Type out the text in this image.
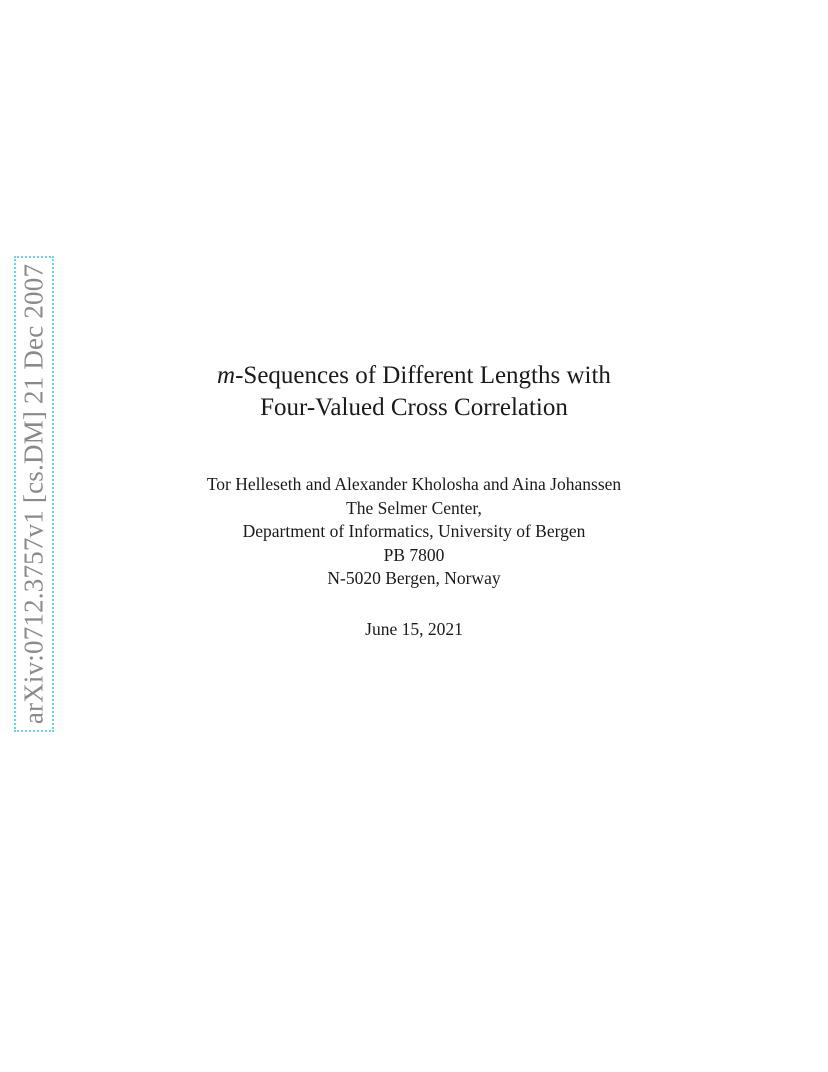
arXiv:0712.3757v1 [cs.DM] 21 Dec 2007	m-Sequences of Different Lengths with
Four-Valued Cross Correlation
Tor Helleseth and Alexander Kholosha and Aina Johanssen
The Selmer Center,
Department of Informatics, University of Bergen
PB 7800
N-5020 Bergen, Norway
June 15, 2021
